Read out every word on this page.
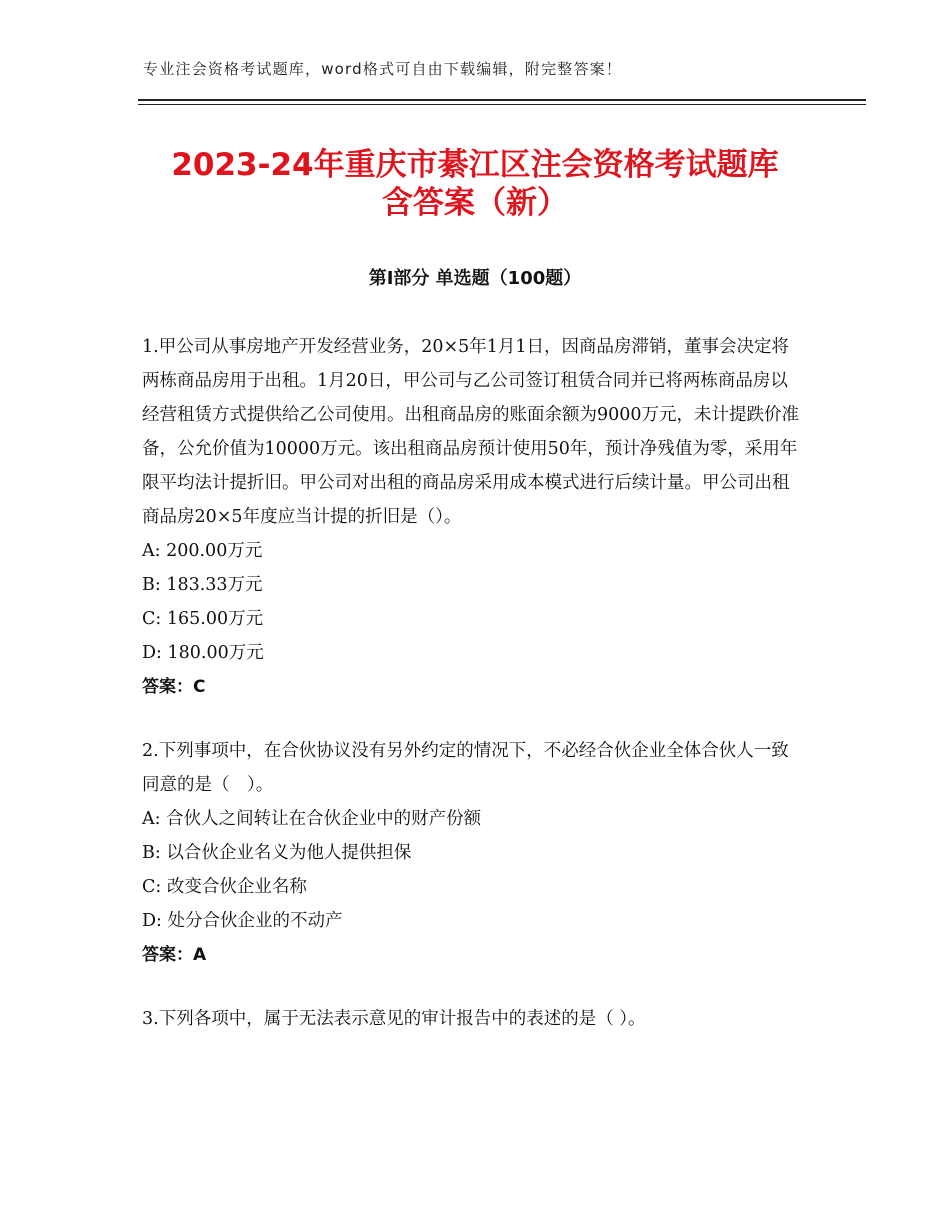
专业注会资格考试题库，word格式可自由下载编辑，附完整答案！
2023-24年重庆市綦江区注会资格考试题库
含答案（新）
第Ⅰ部分 单选题（100题）

1.甲公司从事房地产开发经营业务，20×5年1月1日，因商品房滞销，董事会决定将两栋商品房用于出租。1月20日，甲公司与乙公司签订租赁合同并已将两栋商品房以经营租赁方式提供给乙公司使用。出租商品房的账面余额为9000万元，未计提跌价准备，公允价值为10000万元。该出租商品房预计使用50年，预计净残值为零，采用年限平均法计提折旧。甲公司对出租的商品房采用成本模式进行后续计量。甲公司出租商品房20×5年度应当计提的折旧是（）。

A: 200.00万元

B: 183.33万元

C: 165.00万元

D: 180.00万元

答案：C

2.下列事项中，在合伙协议没有另外约定的情况下，不必经合伙企业全体合伙人一致同意的是（　）。

A: 合伙人之间转让在合伙企业中的财产份额

B: 以合伙企业名义为他人提供担保

C: 改变合伙企业名称

D: 处分合伙企业的不动产

答案：A

3.下列各项中，属于无法表示意见的审计报告中的表述的是（ ）。
